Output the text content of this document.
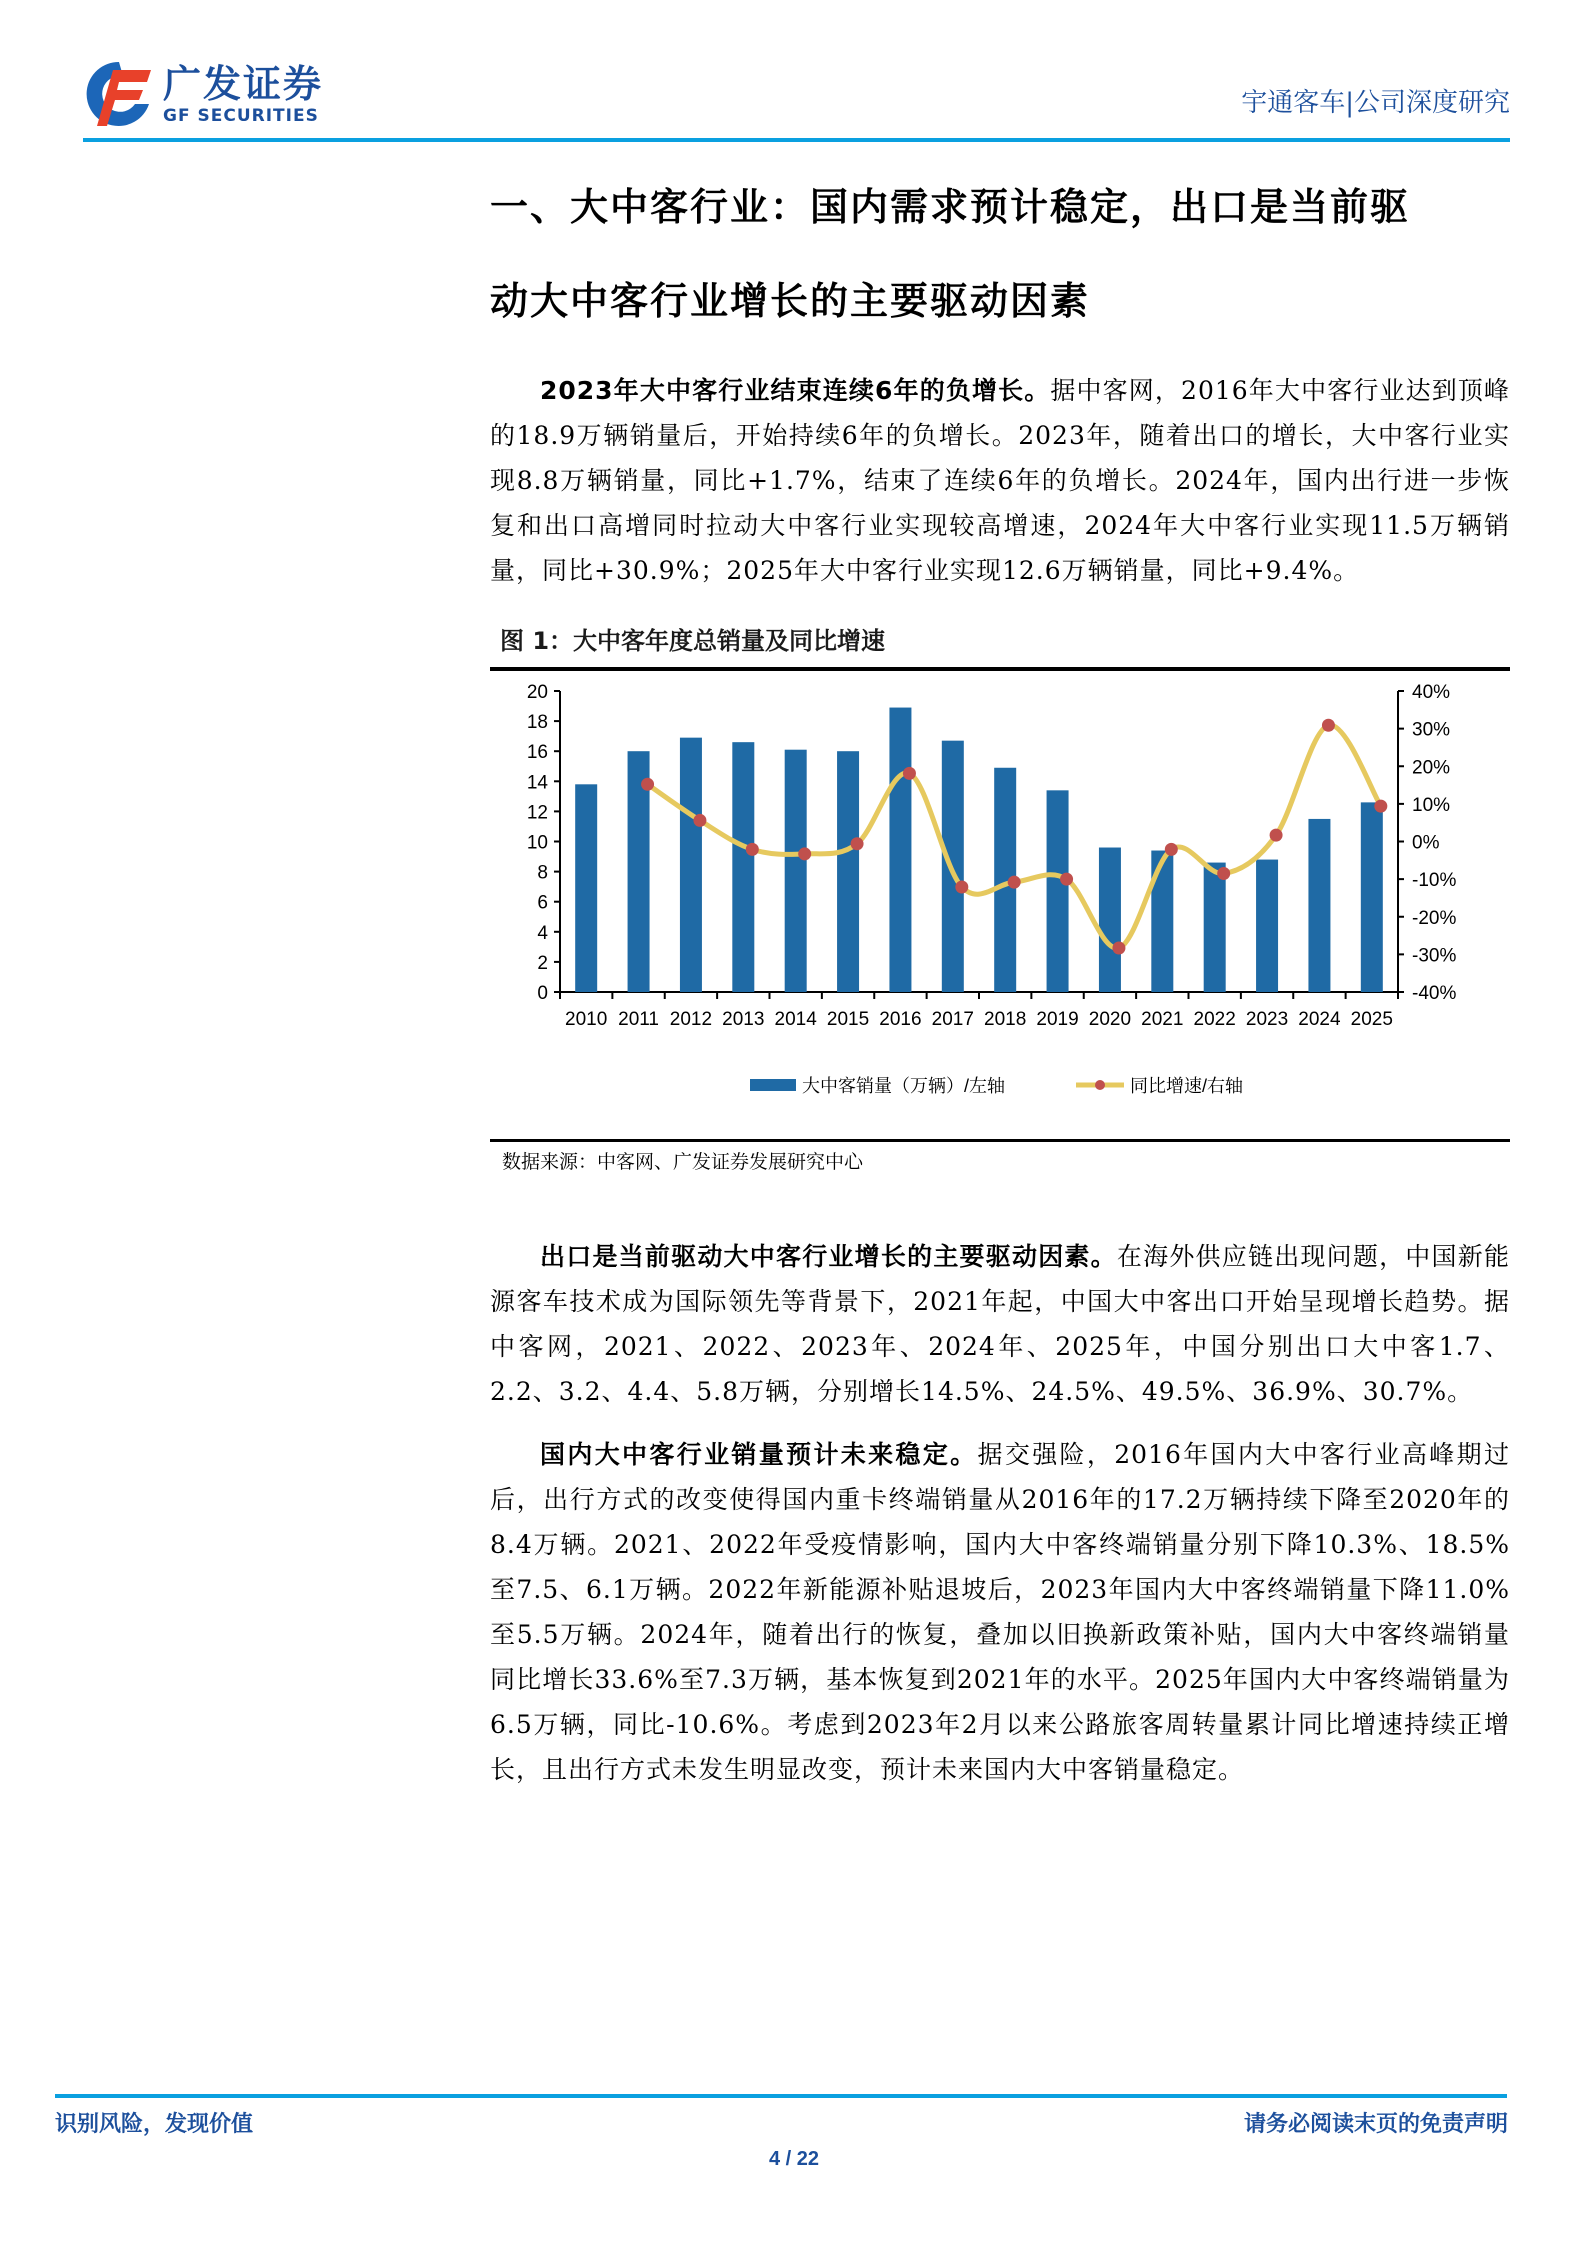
广发证券
GF SECURITIES	宇通客车|公司深度研究
一、大中客行业：国内需求预计稳定，出口是当前驱
动大中客行业增长的主要驱动因素

2023年大中客行业结束连续6年的负增长。据中客网，2016年大中客行业达到顶峰的18.9万辆销量后，开始持续6年的负增长。2023年，随着出口的增长，大中客行业实现8.8万辆销量，同比+1.7%，结束了连续6年的负增长。2024年，国内出行进一步恢复和出口高增同时拉动大中客行业实现较高增速，2024年大中客行业实现11.5万辆销量，同比+30.9%；2025年大中客行业实现12.6万辆销量，同比+9.4%。

图 1：大中客年度总销量及同比增速
0
2
4
6
8
10
12
14
16
18
20
-40%
-30%
-20%
-10%
0%
10%
20%
30%
40%
2010 2011 2012 2013 2014 2015 2016 2017 2018 2019 2020 2021 2022 2023 2024 2025
大中客销量（万辆）/左轴	同比增速/右轴
数据来源：中客网、广发证券发展研究中心

出口是当前驱动大中客行业增长的主要驱动因素。在海外供应链出现问题，中国新能源客车技术成为国际领先等背景下，2021年起，中国大中客出口开始呈现增长趋势。据中客网，2021、2022、2023年、2024年、2025年，中国分别出口大中客1.7、2.2、3.2、4.4、5.8万辆，分别增长14.5%、24.5%、49.5%、36.9%、30.7%。

国内大中客行业销量预计未来稳定。据交强险，2016年国内大中客行业高峰期过后，出行方式的改变使得国内重卡终端销量从2016年的17.2万辆持续下降至2020年的8.4万辆。2021、2022年受疫情影响，国内大中客终端销量分别下降10.3%、18.5%至7.5、6.1万辆。2022年新能源补贴退坡后，2023年国内大中客终端销量下降11.0%至5.5万辆。2024年，随着出行的恢复，叠加以旧换新政策补贴，国内大中客终端销量同比增长33.6%至7.3万辆，基本恢复到2021年的水平。2025年国内大中客终端销量为6.5万辆，同比-10.6%。考虑到2023年2月以来公路旅客周转量累计同比增速持续正增长，且出行方式未发生明显改变，预计未来国内大中客销量稳定。

识别风险，发现价值	请务必阅读末页的免责声明
4 / 22
